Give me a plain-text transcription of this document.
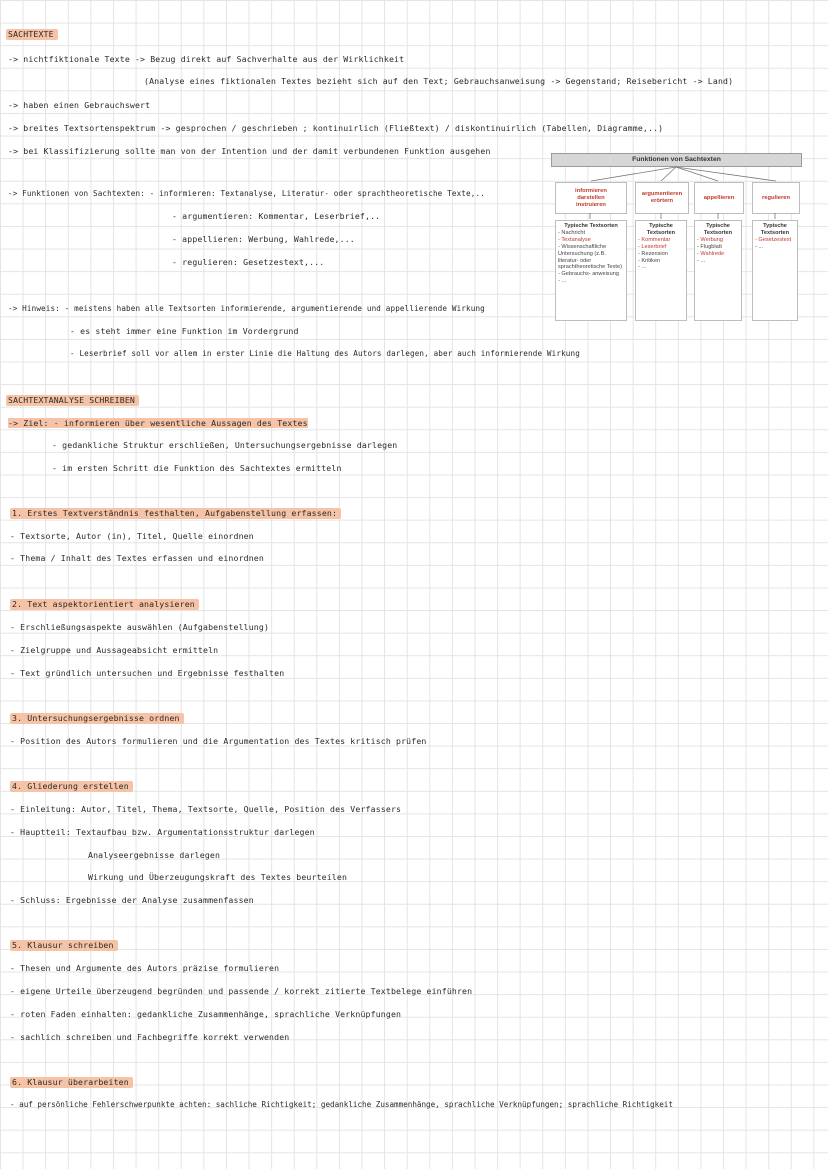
SACHTEXTE
-> nichtfiktionale Texte -> Bezug direkt auf Sachverhalte aus der Wirklichkeit
(Analyse eines fiktionalen Textes bezieht sich auf den Text; Gebrauchsanweisung -> Gegenstand; Reisebericht -> Land)
-> haben einen Gebrauchswert
-> breites Textsortenspektrum -> gesprochen / geschrieben ; kontinuirlich (Fließtext) / diskontinuirlich (Tabellen, Diagramme,..)
-> bei Klassifizierung sollte man von der Intention und der damit verbundenen Funktion ausgehen
-> Funktionen von Sachtexten: - informieren: Textanalyse, Literatur- oder sprachtheoretische Texte,..
- argumentieren: Kommentar, Leserbrief,..
- appellieren: Werbung, Wahlrede,...
- regulieren: Gesetzestext,...
-> Hinweis: - meistens haben alle Textsorten informierende, argumentierende und appellierende Wirkung
- es steht immer eine Funktion im Vordergrund
- Leserbrief soll vor allem in erster Linie die Haltung des Autors darlegen, aber auch informierende Wirkung
Funktionen von Sachtexten
informieren
darstellen
instruieren
argumentieren
erörtern
appellieren	regulieren
Typische Textsorten
- Nachricht
- Textanalyse
- Wissenschaftliche Untersuchung (z.B. literatur- oder sprachtheoretische Texte)
- Gebrauchs- anweisung
- ...
Typische Textsorten
- Kommentar
- Leserbrief
- Rezension
- Kritiken
- ...
Typische Textsorten
- Werbung
- Flugblatt
- Wahlrede
- ...
Typische Textsorten
- Gesetzestext
- ...
SACHTEXTANALYSE SCHREIBEN
-> Ziel: - informieren über wesentliche Aussagen des Textes
- gedankliche Struktur erschließen, Untersuchungsergebnisse darlegen
- im ersten Schritt die Funktion des Sachtextes ermitteln
1. Erstes Textverständnis festhalten, Aufgabenstellung erfassen:
- Textsorte, Autor (in), Titel, Quelle einordnen
- Thema / Inhalt des Textes erfassen und einordnen
2. Text aspektorientiert analysieren
- Erschließungsaspekte auswählen (Aufgabenstellung)
- Zielgruppe und Aussageabsicht ermitteln
- Text gründlich untersuchen und Ergebnisse festhalten
3. Untersuchungsergebnisse ordnen
- Position des Autors formulieren und die Argumentation des Textes kritisch prüfen
4. Gliederung erstellen
- Einleitung: Autor, Titel, Thema, Textsorte, Quelle, Position des Verfassers
- Hauptteil: Textaufbau bzw. Argumentationsstruktur darlegen
Analyseergebnisse darlegen
Wirkung und Überzeugungskraft des Textes beurteilen
- Schluss: Ergebnisse der Analyse zusammenfassen
5. Klausur schreiben
- Thesen und Argumente des Autors präzise formulieren
- eigene Urteile überzeugend begründen und passende / korrekt zitierte Textbelege einführen
- roten Faden einhalten: gedankliche Zusammenhänge, sprachliche Verknüpfungen
- sachlich schreiben und Fachbegriffe korrekt verwenden
6. Klausur überarbeiten
- auf persönliche Fehlerschwerpunkte achten: sachliche Richtigkeit; gedankliche Zusammenhänge, sprachliche Verknüpfungen; sprachliche Richtigkeit
